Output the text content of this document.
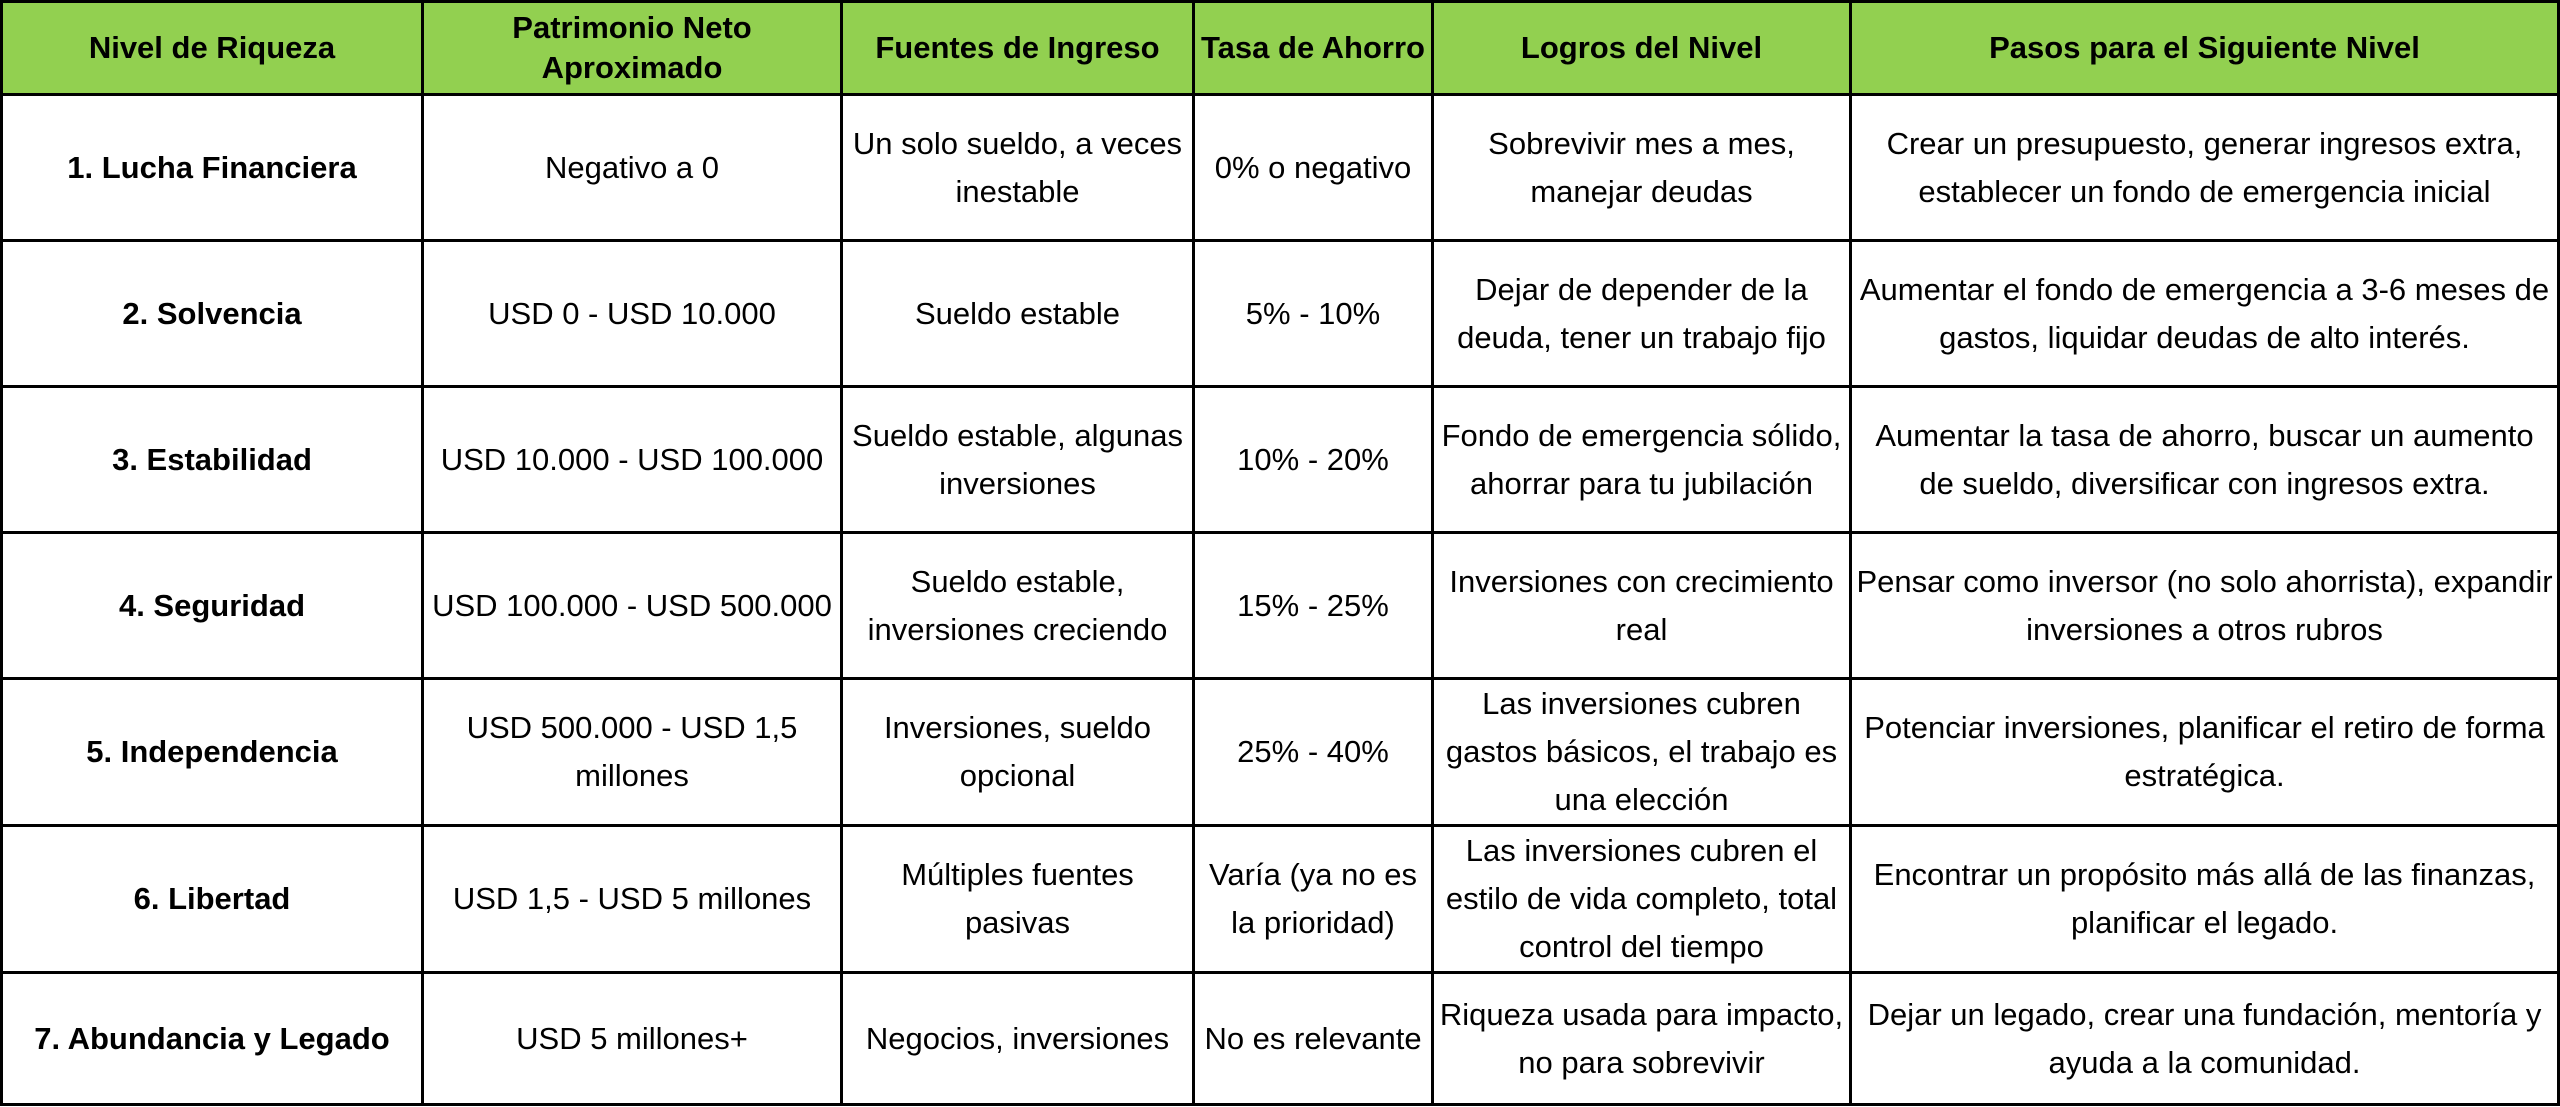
Nivel de Riqueza	Patrimonio Neto Aproximado	Fuentes de Ingreso	Tasa de Ahorro	Logros del Nivel	Pasos para el Siguiente Nivel
1. Lucha Financiera	Negativo a 0	Un solo sueldo, a veces inestable	0% o negativo	Sobrevivir mes a mes, manejar deudas	Crear un presupuesto, generar ingresos extra, establecer un fondo de emergencia inicial
2. Solvencia	USD 0 - USD 10.000	Sueldo estable	5% - 10%	Dejar de depender de la deuda, tener un trabajo fijo	Aumentar el fondo de emergencia a 3-6 meses de gastos, liquidar deudas de alto interés.
3. Estabilidad	USD 10.000 - USD 100.000	Sueldo estable, algunas inversiones	10% - 20%	Fondo de emergencia sólido, ahorrar para tu jubilación	Aumentar la tasa de ahorro, buscar un aumento de sueldo, diversificar con ingresos extra.
4. Seguridad	USD 100.000 - USD 500.000	Sueldo estable, inversiones creciendo	15% - 25%	Inversiones con crecimiento real	Pensar como inversor (no solo ahorrista), expandir inversiones a otros rubros
5. Independencia	USD 500.000 - USD 1,5 millones	Inversiones, sueldo opcional	25% - 40%	Las inversiones cubren gastos básicos, el trabajo es una elección	Potenciar inversiones, planificar el retiro de forma estratégica.
6. Libertad	USD 1,5 - USD 5 millones	Múltiples fuentes pasivas	Varía (ya no es la prioridad)	Las inversiones cubren el estilo de vida completo, total control del tiempo	Encontrar un propósito más allá de las finanzas, planificar el legado.
7. Abundancia y Legado	USD 5 millones+	Negocios, inversiones	No es relevante	Riqueza usada para impacto, no para sobrevivir	Dejar un legado, crear una fundación, mentoría y ayuda a la comunidad.
